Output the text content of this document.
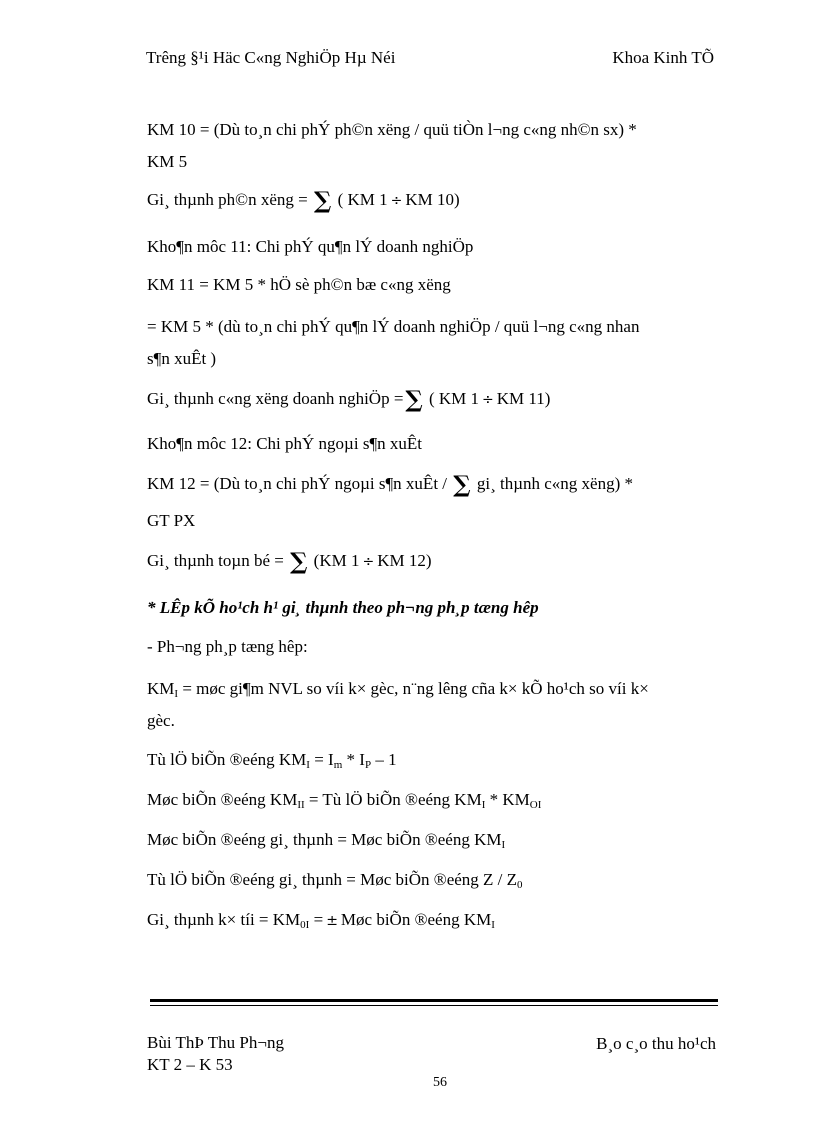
Trêng §¹i Häc C«ng NghiÖp Hµ Néi	Khoa Kinh TÕ
KM 10 = (Dù to¸n chi phÝ ph©n xëng / quü tiÒn l¬ng c«ng nh©n sx) *
KM 5
Gi¸ thµnh ph©n xëng = ∑ ( KM 1 ÷ KM 10)
Kho¶n môc 11: Chi phÝ qu¶n lÝ doanh nghiÖp
KM 11 = KM 5 * hÖ sè ph©n bæ c«ng xëng
= KM 5 * (dù to¸n chi phÝ qu¶n lÝ doanh nghiÖp / quü l¬ng c«ng nhan
s¶n xuÊt )
Gi¸ thµnh c«ng xëng doanh nghiÖp =∑ ( KM 1 ÷ KM 11)
Kho¶n môc 12: Chi phÝ ngoµi s¶n xuÊt
KM 12 = (Dù to¸n chi phÝ ngoµi s¶n xuÊt / ∑ gi¸ thµnh c«ng xëng) *
GT PX
Gi¸ thµnh toµn bé = ∑ (KM 1 ÷ KM 12)
* LÊp kÕ ho¹ch h¹ gi¸ thµnh theo ph¬ng ph¸p tæng hêp
- Ph¬ng ph¸p tæng hêp:
$KM_I$ = møc gi¶m NVL so víi k× gèc, n¨ng lêng cña k× kÕ ho¹ch so víi k×
gèc.
Tù lÖ biÕn ®eéng $KM_I = I_m * I_P - 1$
Møc biÕn ®eéng $KM_{II}$ = Tù lÖ biÕn ®eéng $KM_I * KM_{OI}$
Møc biÕn ®eéng gi¸ thµnh = Møc biÕn ®eéng $KM_I$
Tù lÖ biÕn ®eéng gi¸ thµnh = Møc biÕn ®eéng Z / $Z_0$
Gi¸ thµnh k× tíi = $KM_{0I}$ = ± Møc biÕn ®eéng $KM_I$
Bùi ThÞ Thu Ph¬ng
KT 2 – K 53
B¸o c¸o thu ho¹ch
56
